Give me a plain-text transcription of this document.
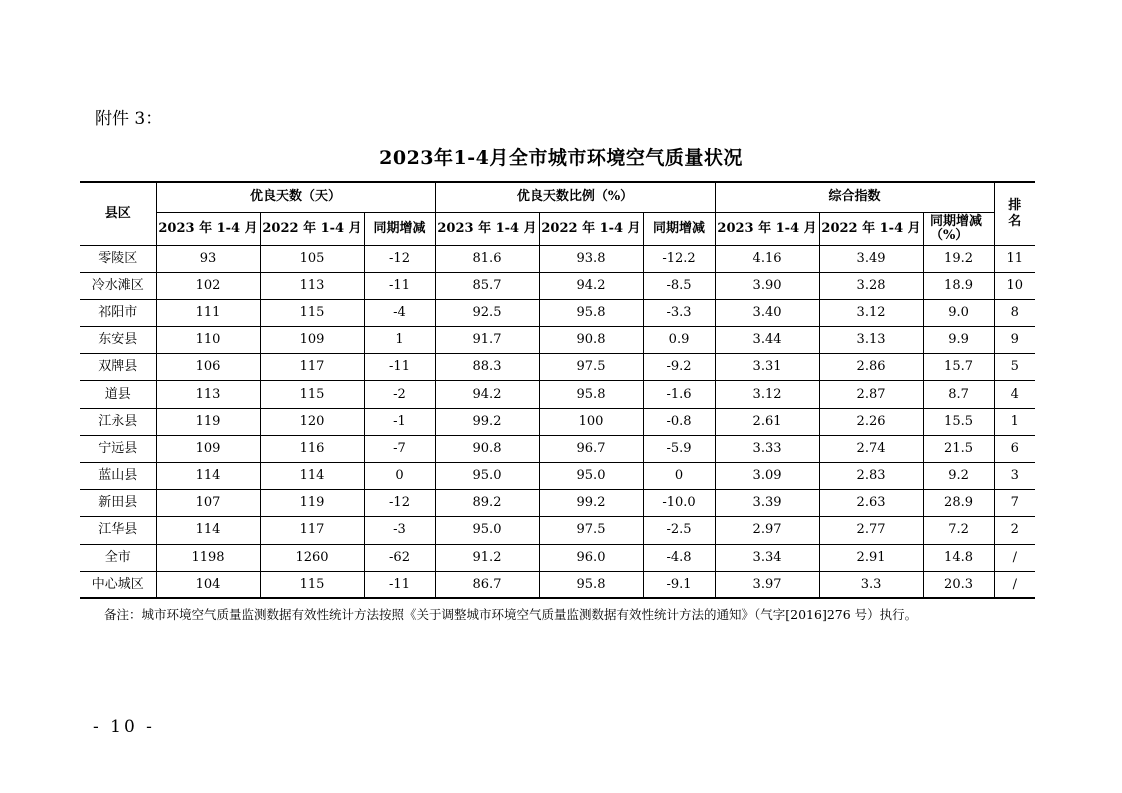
附件 3：
2023年1-4月全市城市环境空气质量状况
县区	优良天数（天）			优良天数比例（%）			综合指数			排名

	2023 年 1-4 月	2022 年 1-4 月	同期增减	2023 年 1-4 月	2022 年 1-4 月	同期增减	2023 年 1-4 月	2022 年 1-4 月	同期增减（%）	

零陵区	93	105	-12	81.6	93.8	-12.2	4.16	3.49	19.2	11
冷水滩区	102	113	-11	85.7	94.2	-8.5	3.90	3.28	18.9	10
祁阳市	111	115	-4	92.5	95.8	-3.3	3.40	3.12	9.0	8
东安县	110	109	1	91.7	90.8	0.9	3.44	3.13	9.9	9
双牌县	106	117	-11	88.3	97.5	-9.2	3.31	2.86	15.7	5
道县	113	115	-2	94.2	95.8	-1.6	3.12	2.87	8.7	4
江永县	119	120	-1	99.2	100	-0.8	2.61	2.26	15.5	1
宁远县	109	116	-7	90.8	96.7	-5.9	3.33	2.74	21.5	6
蓝山县	114	114	0	95.0	95.0	0	3.09	2.83	9.2	3
新田县	107	119	-12	89.2	99.2	-10.0	3.39	2.63	28.9	7
江华县	114	117	-3	95.0	97.5	-2.5	2.97	2.77	7.2	2
全市	1198	1260	-62	91.2	96.0	-4.8	3.34	2.91	14.8	/
中心城区	104	115	-11	86.7	95.8	-9.1	3.97	3.3	20.3	/
备注：城市环境空气质量监测数据有效性统计方法按照《关于调整城市环境空气质量监测数据有效性统计方法的通知》（气字[2016]276 号）执行。
- 10 -
